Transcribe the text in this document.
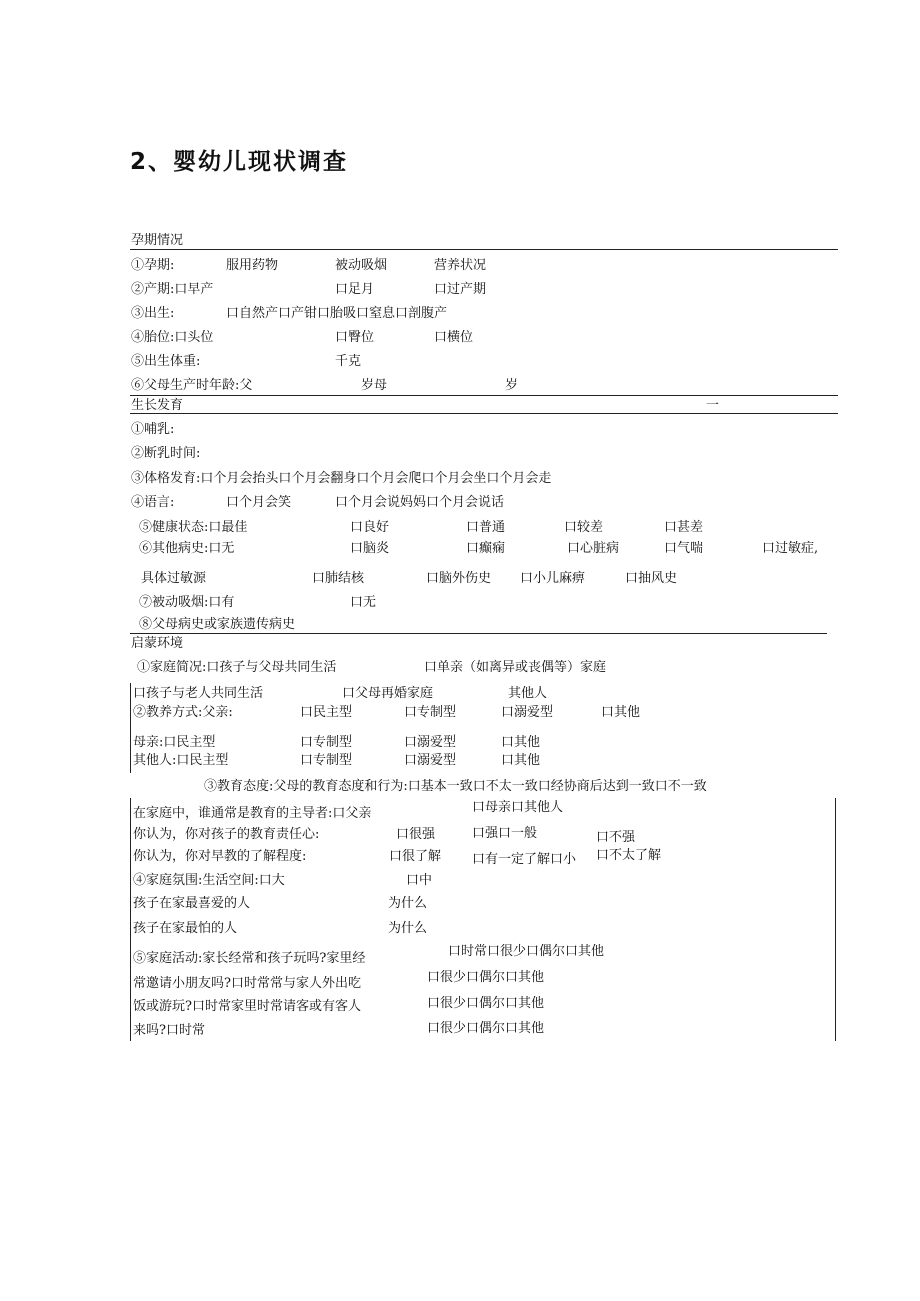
2、婴幼儿现状调查
孕期情况
①孕期:	服用药物	被动吸烟	营养状况
②产期:口早产	口足月	口过产期
③出生:	口自然产口产钳口胎吸口窒息口剖腹产
④胎位:口头位	口臀位	口横位
⑤出生体重:	千克
⑥父母生产时年龄:父	岁母	岁
生长发育	一
①哺乳:
②断乳时间:
③体格发育:口个月会抬头口个月会翻身口个月会爬口个月会坐口个月会走
④语言:	口个月会笑	口个月会说妈妈口个月会说话
⑤健康状态:口最佳	口良好	口普通	口较差	口甚差
⑥其他病史:口无	口脑炎	口癫痫	口心脏病	口气喘	口过敏症,
具体过敏源	口肺结核	口脑外伤史 口小儿麻痹	口抽风史
⑦被动吸烟:口有	口无
⑧父母病史或家族遗传病史
启蒙环境
①家庭简况:口孩子与父母共同生活	口单亲（如离异或丧偶等）家庭
口孩子与老人共同生活	口父母再婚家庭	其他人
②教养方式:父亲:	口民主型	口专制型	口溺爱型	口其他
母亲:口民主型	口专制型	口溺爱型	口其他
其他人:口民主型	口专制型	口溺爱型	口其他
③教育态度:父母的教育态度和行为:口基本一致口不太一致口经协商后达到一致口不一致
在家庭中，谁通常是教育的主导者:口父亲	口母亲口其他人
你认为，你对孩子的教育责任心:	口很强	口强口一般	口不强
你认为，你对早教的了解程度:	口很了解 口有一定了解口小 口不太了解
④家庭氛围:生活空间:口大	口中
孩子在家最喜爱的人	为什么
孩子在家最怕的人	为什么
⑤家庭活动:家长经常和孩子玩吗?家里经	口时常口很少口偶尔口其他
常邀请小朋友吗?口时常常与家人外出吃	口很少口偶尔口其他
饭或游玩?口时常家里时常请客或有客人	口很少口偶尔口其他
来吗?口时常	口很少口偶尔口其他
